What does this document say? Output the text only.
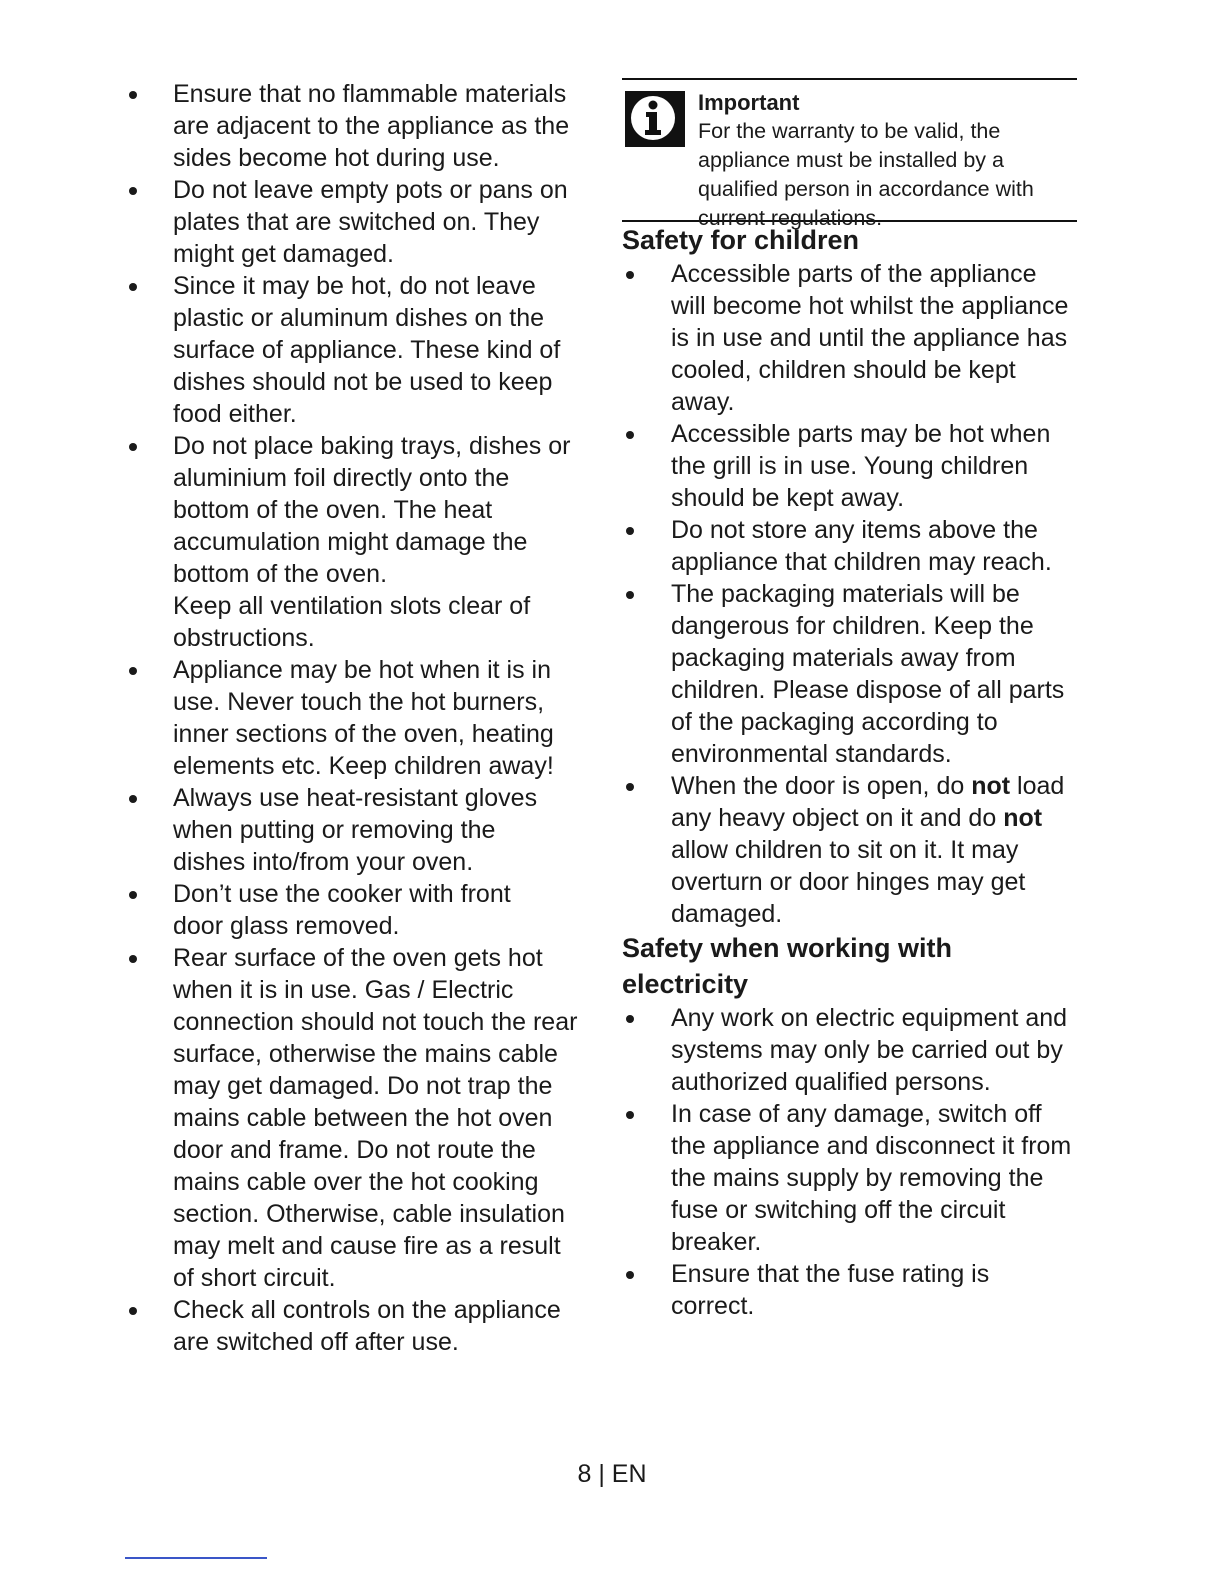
Ensure that no flammable materials are adjacent to the appliance as the sides become hot during use.
Do not leave empty pots or pans on plates that are switched on. They might get damaged.
Since it may be hot, do not leave plastic or aluminum dishes on the surface of appliance. These kind of dishes should not be used to keep food either.
Do not place baking trays, dishes or aluminium foil directly onto the bottom of the oven. The heat accumulation might damage the bottom of the oven.
Keep all ventilation slots clear of obstructions.
Appliance may be hot when it is in use. Never touch the hot burners, inner sections of the oven, heating elements etc. Keep children away!
Always use heat-resistant gloves when putting or removing the dishes into/from your oven.
Don’t use the cooker with front door glass removed.
Rear surface of the oven gets hot when it is in use. Gas / Electric connection should not touch the rear surface, otherwise the mains cable may get damaged. Do not trap the mains cable between the hot oven door and frame. Do not route the mains cable over the hot cooking section. Otherwise, cable insulation may melt and cause fire as a result of short circuit.
Check all controls on the appliance are switched off after use.
Important
For the warranty to be valid, the appliance must be installed by a qualified person in accordance with current regulations.
Safety for children
Accessible parts of the appliance will become hot whilst the appliance is in use and until the appliance has cooled, children should be kept away.
Accessible parts may be hot when the grill is in use. Young children should be kept away.
Do not store any items above the appliance that children may reach.
The packaging materials will be dangerous for children. Keep the packaging materials away from children. Please dispose of all parts of the packaging according to environmental standards.
When the door is open, do not load any heavy object on it and do not allow children to sit on it. It may overturn or door hinges may get damaged.
Safety when working with electricity
Any work on electric equipment and systems may only be carried out by authorized qualified persons.
In case of any damage, switch off the appliance and disconnect it from the mains supply by removing the fuse or switching off the circuit breaker.
Ensure that the fuse rating is correct.
8 | EN
